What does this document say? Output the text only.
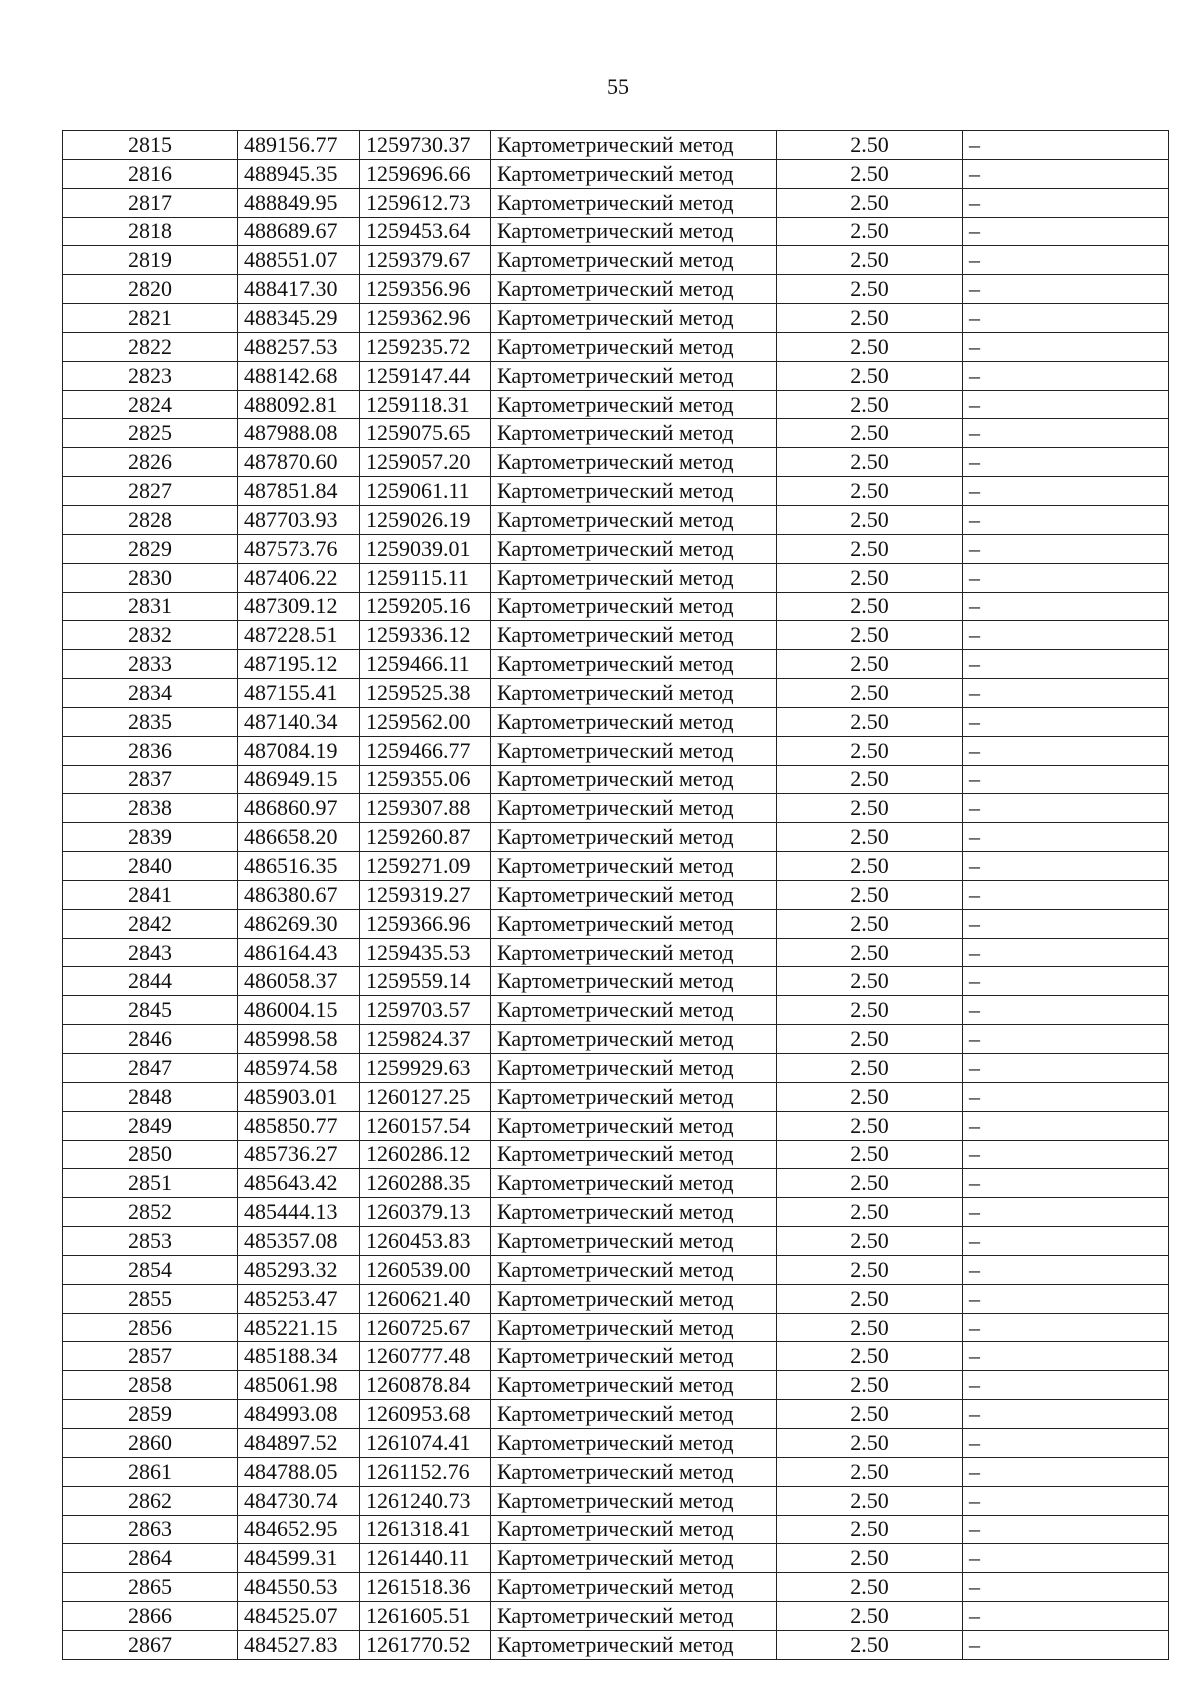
55
2815	489156.77	1259730.37	Картометрический метод	2.50	–
2816	488945.35	1259696.66	Картометрический метод	2.50	–
2817	488849.95	1259612.73	Картометрический метод	2.50	–
2818	488689.67	1259453.64	Картометрический метод	2.50	–
2819	488551.07	1259379.67	Картометрический метод	2.50	–
2820	488417.30	1259356.96	Картометрический метод	2.50	–
2821	488345.29	1259362.96	Картометрический метод	2.50	–
2822	488257.53	1259235.72	Картометрический метод	2.50	–
2823	488142.68	1259147.44	Картометрический метод	2.50	–
2824	488092.81	1259118.31	Картометрический метод	2.50	–
2825	487988.08	1259075.65	Картометрический метод	2.50	–
2826	487870.60	1259057.20	Картометрический метод	2.50	–
2827	487851.84	1259061.11	Картометрический метод	2.50	–
2828	487703.93	1259026.19	Картометрический метод	2.50	–
2829	487573.76	1259039.01	Картометрический метод	2.50	–
2830	487406.22	1259115.11	Картометрический метод	2.50	–
2831	487309.12	1259205.16	Картометрический метод	2.50	–
2832	487228.51	1259336.12	Картометрический метод	2.50	–
2833	487195.12	1259466.11	Картометрический метод	2.50	–
2834	487155.41	1259525.38	Картометрический метод	2.50	–
2835	487140.34	1259562.00	Картометрический метод	2.50	–
2836	487084.19	1259466.77	Картометрический метод	2.50	–
2837	486949.15	1259355.06	Картометрический метод	2.50	–
2838	486860.97	1259307.88	Картометрический метод	2.50	–
2839	486658.20	1259260.87	Картометрический метод	2.50	–
2840	486516.35	1259271.09	Картометрический метод	2.50	–
2841	486380.67	1259319.27	Картометрический метод	2.50	–
2842	486269.30	1259366.96	Картометрический метод	2.50	–
2843	486164.43	1259435.53	Картометрический метод	2.50	–
2844	486058.37	1259559.14	Картометрический метод	2.50	–
2845	486004.15	1259703.57	Картометрический метод	2.50	–
2846	485998.58	1259824.37	Картометрический метод	2.50	–
2847	485974.58	1259929.63	Картометрический метод	2.50	–
2848	485903.01	1260127.25	Картометрический метод	2.50	–
2849	485850.77	1260157.54	Картометрический метод	2.50	–
2850	485736.27	1260286.12	Картометрический метод	2.50	–
2851	485643.42	1260288.35	Картометрический метод	2.50	–
2852	485444.13	1260379.13	Картометрический метод	2.50	–
2853	485357.08	1260453.83	Картометрический метод	2.50	–
2854	485293.32	1260539.00	Картометрический метод	2.50	–
2855	485253.47	1260621.40	Картометрический метод	2.50	–
2856	485221.15	1260725.67	Картометрический метод	2.50	–
2857	485188.34	1260777.48	Картометрический метод	2.50	–
2858	485061.98	1260878.84	Картометрический метод	2.50	–
2859	484993.08	1260953.68	Картометрический метод	2.50	–
2860	484897.52	1261074.41	Картометрический метод	2.50	–
2861	484788.05	1261152.76	Картометрический метод	2.50	–
2862	484730.74	1261240.73	Картометрический метод	2.50	–
2863	484652.95	1261318.41	Картометрический метод	2.50	–
2864	484599.31	1261440.11	Картометрический метод	2.50	–
2865	484550.53	1261518.36	Картометрический метод	2.50	–
2866	484525.07	1261605.51	Картометрический метод	2.50	–
2867	484527.83	1261770.52	Картометрический метод	2.50	–
